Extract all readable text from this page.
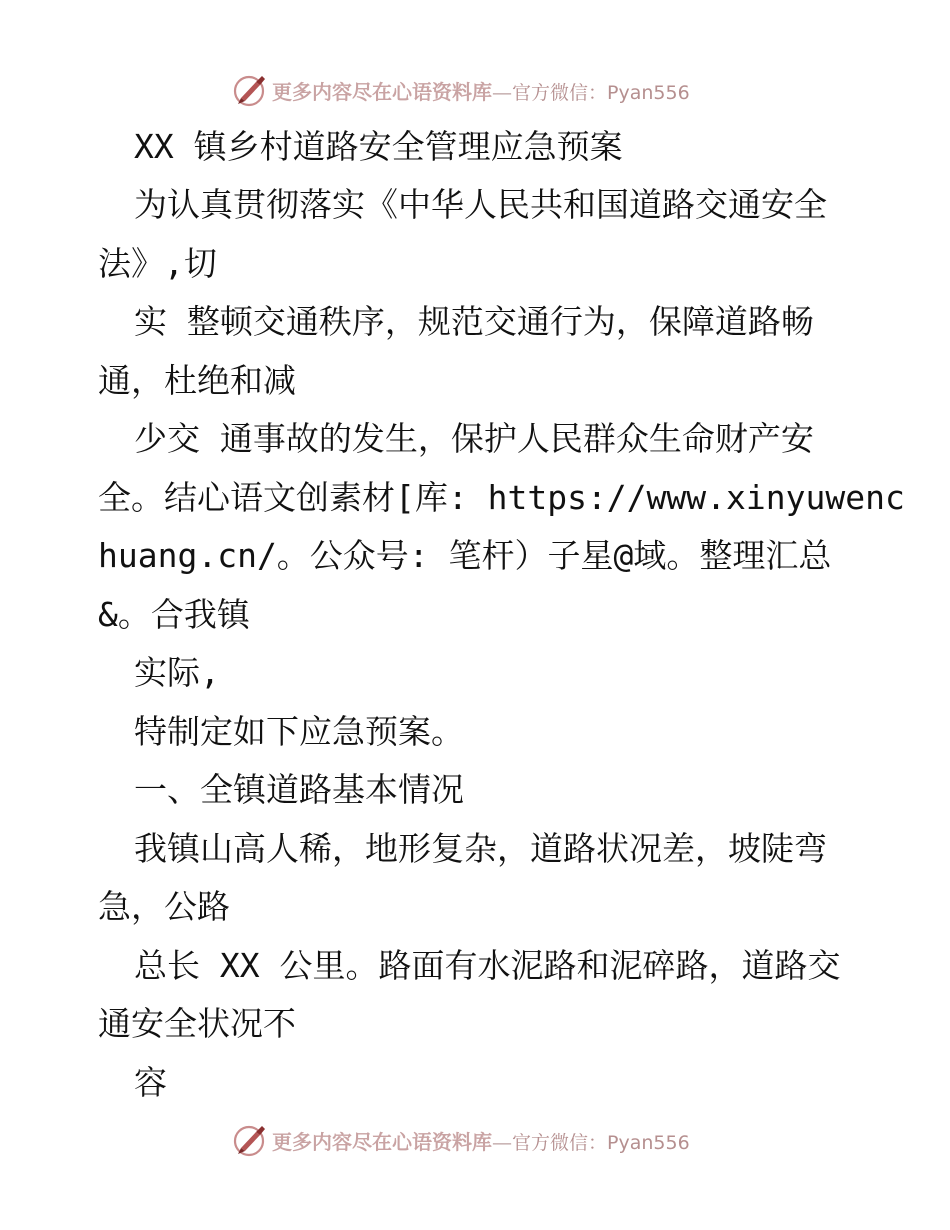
更多内容尽在心语资料库—官方微信：Pyan556
XX 镇乡村道路安全管理应急预案
为认真贯彻落实《中华人民共和国道路交通安全
法》,切
实 整顿交通秩序，规范交通行为，保障道路畅
通，杜绝和减
少交 通事故的发生，保护人民群众生命财产安
全。结心语文创素材[库: https://www.xinyuwenc
huang.cn/。公众号: 笔杆）子星@域。整理汇总
&。合我镇
实际,
特制定如下应急预案。
一、全镇道路基本情况
我镇山高人稀，地形复杂，道路状况差，坡陡弯
急，公路
总长 XX 公里。路面有水泥路和泥碎路，道路交
通安全状况不
容
更多内容尽在心语资料库—官方微信：Pyan556
